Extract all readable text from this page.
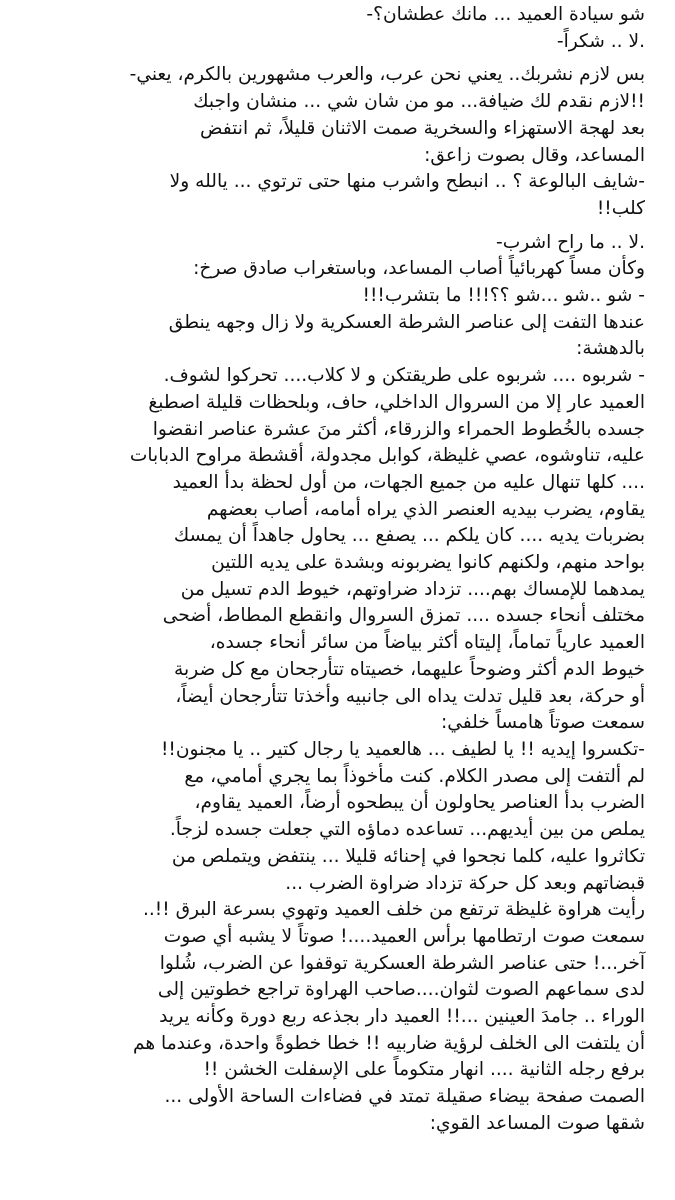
شو سيادة العميد ... مانك عطشان؟-

.لا .. شكراً-

بس لازم نشربك.. يعني نحن عرب، والعرب مشهورين بالكرم، يعني-

!!لازم نقدم لك ضيافة... مو من شان شي ... منشان واجبك

بعد لهجة الاستهزاء والسخرية صمت الاثنان قليلاً، ثم انتفض

المساعد، وقال بصوت زاعق:

-شايف البالوعة ؟ .. انبطح واشرب منها حتى ترتوي ... يالله ولا

كلب!!

.لا .. ما راح اشرب-

وكأن مساً كهربائياً أصاب المساعد، وباستغراب صادق صرخ:

- شو ..شو ...شو ؟؟!!! ما بتشرب!!!

عندها التفت إلى عناصر الشرطة العسكرية ولا زال وجهه ينطق

بالدهشة:

- شربوه .... شربوه على طريقتكن و لا كلاب.... تحركوا لشوف.

العميد عار إلا من السروال الداخلي، حاف، وبلحظات قليلة اصطبغ

جسده بالخُطوط الحمراء والزرقاء، أكثر منَ عشرة عناصر انقضوا

عليه، تناوشوه، عصي غليظة، كوابل مجدولة، أقشطة مراوح الدبابات

.... كلها تنهال عليه من جميع الجهات، من أول لحظة بدأ العميد

يقاوم، يضرب بيديه العنصر الذي يراه أمامه، أصاب بعضهم

بضربات يديه .... كان يلكم ... يصفع ... يحاول جاهداً أن يمسك

بواحد منهم، ولكنهم كانوا يضربونه وبشدة على يديه اللتين

يمدهما للإمساك بهم.... تزداد ضراوتهم، خيوط الدم تسيل من

مختلف أنحاء جسده .... تمزق السروال وانقطع المطاط، أضحى

العميد عارياً تماماً، إليتاه أكثر بياضاً من سائر أنحاء جسده،

خيوط الدم أكثر وضوحاً عليهما، خصيتاه تتأرجحان مع كل ضربة

أو حركة، بعد قليل تدلت يداه الى جانبيه وأخذتا تتأرجحان أيضاً،

سمعت صوتاً هامساً خلفي:

-تكسروا إيديه !! يا لطيف ... هالعميد يا رجال كتير .. يا مجنون!!

لم ألتفت إلى مصدر الكلام. كنت مأخوذاً بما يجري أمامي، مع

الضرب بدأ العناصر يحاولون أن يبطحوه أرضاً، العميد يقاوم،

يملص من بين أيديهم... تساعده دماؤه التي جعلت جسده لزجاً.

تكاثروا عليه، كلما نجحوا في إحنائه قليلا ... ينتفض ويتملص من

قبضاتهم وبعد كل حركة تزداد ضراوة الضرب ...

رأيت هراوة غليظة ترتفع من خلف العميد وتهوي بسرعة البرق !!..

سمعت صوت ارتطامها برأس العميد....! صوتاً لا يشبه أي صوت

آخر...! حتى عناصر الشرطة العسكرية توقفوا عن الضرب، شُلوا

لدى سماعهم الصوت لثوان....صاحب الهراوة تراجع خطوتين إلى

الوراء .. جامدَ العينين ...!! العميد دار بجذعه ربع دورة وكأنه يريد

أن يلتفت الى الخلف لرؤية ضاربيه !! خطا خطوةً واحدة، وعندما هم

برفع رجله الثانية .... انهار متكوماً على الإسفلت الخشن !!

الصمت صفحة بيضاء صقيلة تمتد في فضاءات الساحة الأولى ...

شقها صوت المساعد القوي:
